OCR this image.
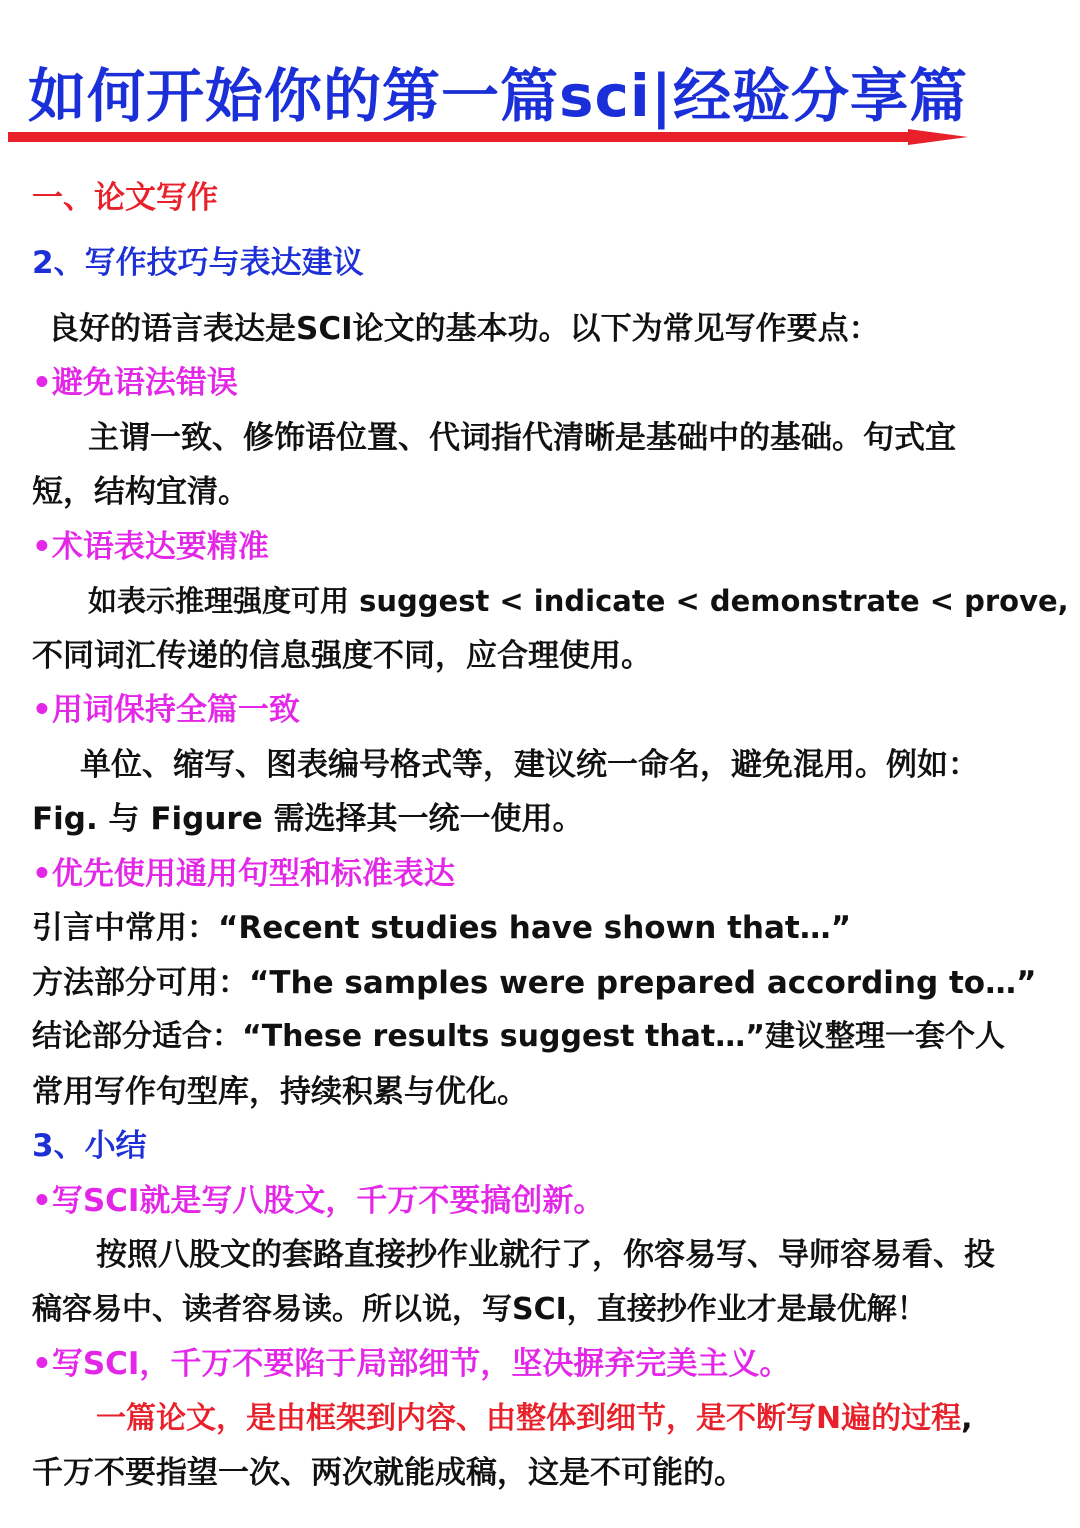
如何开始你的第一篇sci|经验分享篇
一、论文写作
2、写作技巧与表达建议
良好的语言表达是SCI论文的基本功。以下为常见写作要点：
•避免语法错误
主谓一致、修饰语位置、代词指代清晰是基础中的基础。句式宜
短，结构宜清。
•术语表达要精准
如表示推理强度可用 suggest < indicate < demonstrate < prove,
不同词汇传递的信息强度不同，应合理使用。
•用词保持全篇一致
单位、缩写、图表编号格式等，建议统一命名，避免混用。例如：
Fig. 与 Figure 需选择其一统一使用。
•优先使用通用句型和标准表达
引言中常用：“Recent studies have shown that…”
方法部分可用：“The samples were prepared according to…”
结论部分适合：“These results suggest that…”建议整理一套个人
常用写作句型库，持续积累与优化。
3、小结
•写SCI就是写八股文，千万不要搞创新。
按照八股文的套路直接抄作业就行了，你容易写、导师容易看、投
稿容易中、读者容易读。所以说，写SCI，直接抄作业才是最优解！
•写SCI，千万不要陷于局部细节，坚决摒弃完美主义。
一篇论文，是由框架到内容、由整体到细节，是不断写N遍的过程,
千万不要指望一次、两次就能成稿，这是不可能的。
